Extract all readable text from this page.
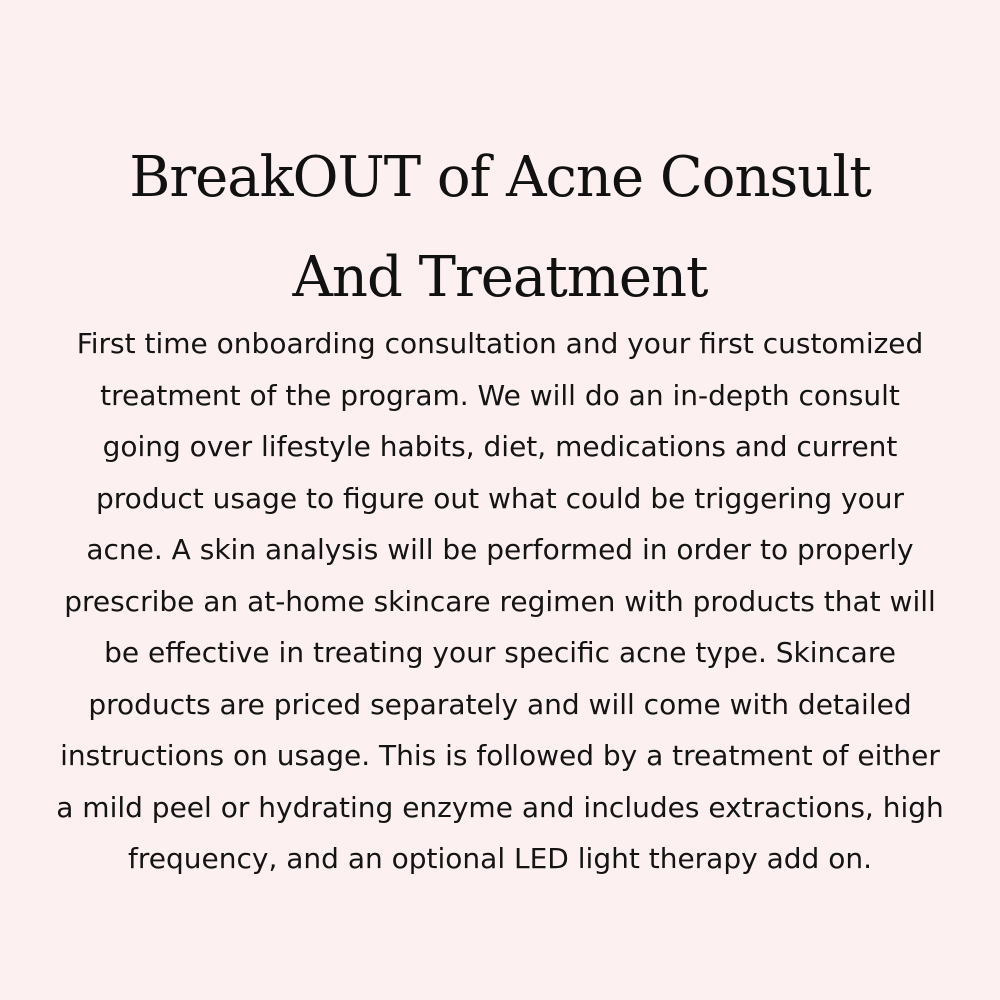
BreakOUT of Acne Consult
And Treatment

First time onboarding consultation and your first customized
treatment of the program. We will do an in-depth consult
going over lifestyle habits, diet, medications and current
product usage to figure out what could be triggering your
acne. A skin analysis will be performed in order to properly
prescribe an at-home skincare regimen with products that will
be effective in treating your specific acne type. Skincare
products are priced separately and will come with detailed
instructions on usage. This is followed by a treatment of either
a mild peel or hydrating enzyme and includes extractions, high
frequency, and an optional LED light therapy add on.
